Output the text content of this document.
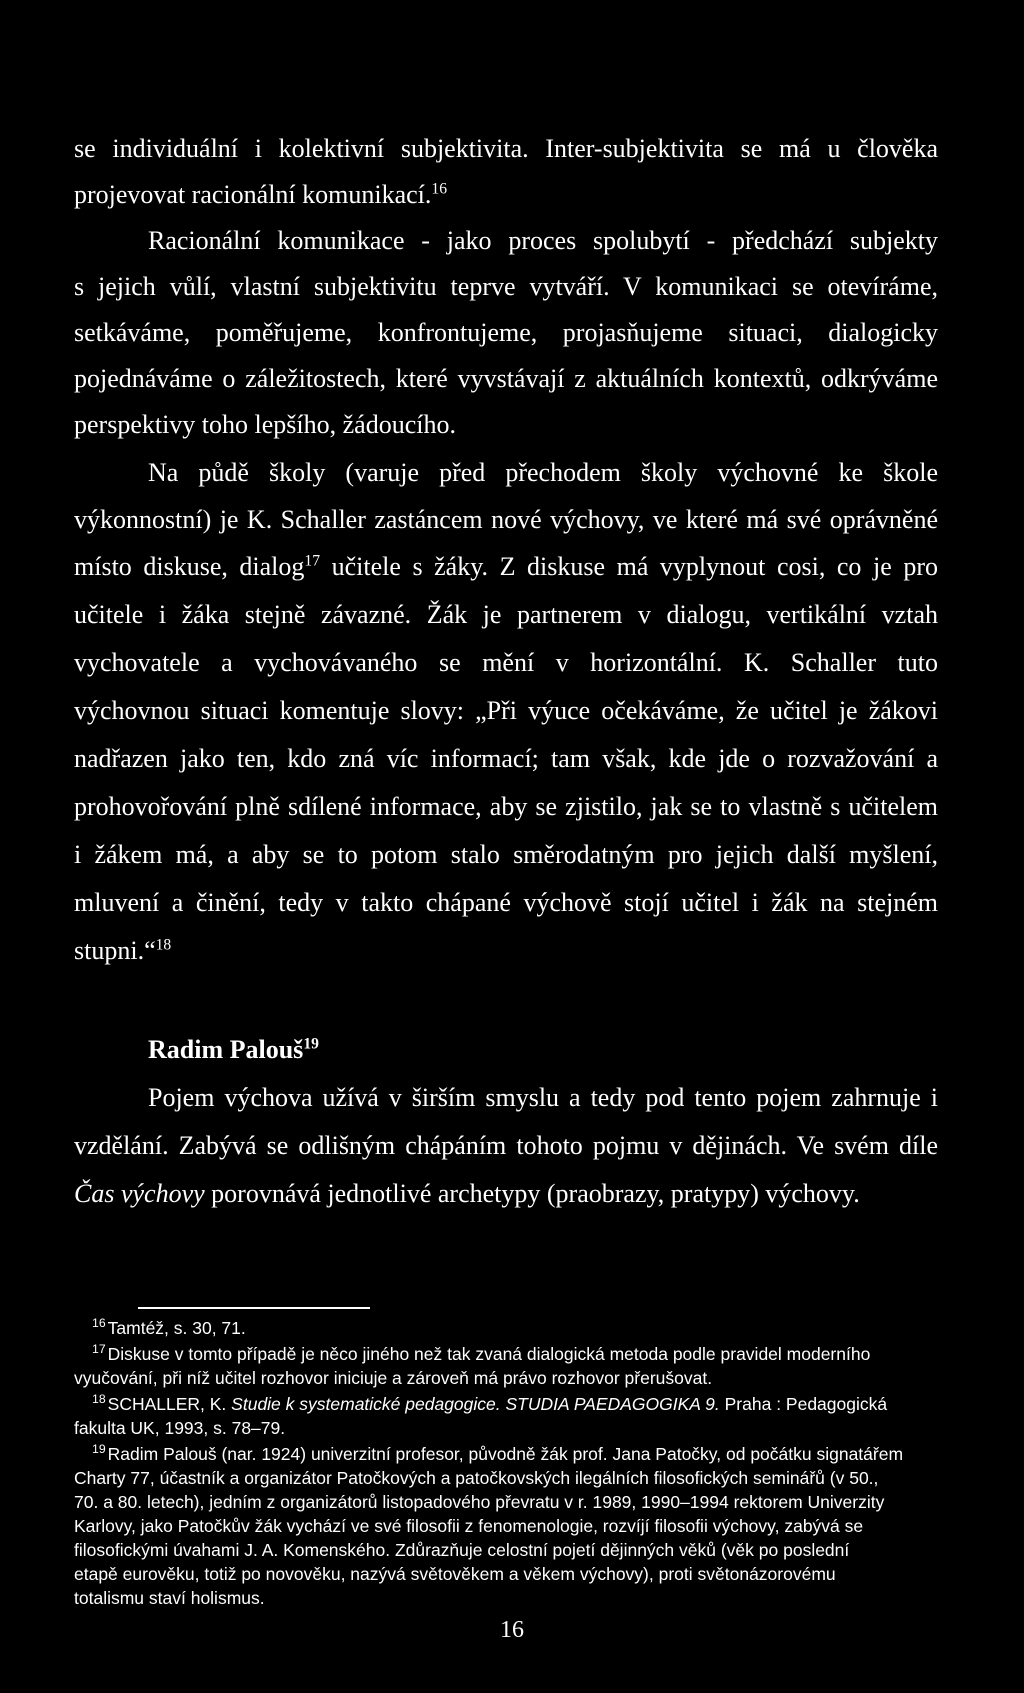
se individuální i kolektivní subjektivita. Inter-subjektivita se má u člověka
projevovat racionální komunikací.$^{16}$
Racionální komunikace - jako proces spolubytí - předchází subjekty
s jejich vůlí, vlastní subjektivitu teprve vytváří. V komunikaci se otevíráme,
setkáváme, poměřujeme, konfrontujeme, projasňujeme situaci, dialogicky
pojednáváme o záležitostech, které vyvstávají z aktuálních kontextů, odkrýváme
perspektivy toho lepšího, žádoucího.
Na půdě školy (varuje před přechodem školy výchovné ke škole
výkonnostní) je K. Schaller zastáncem nové výchovy, ve které má své oprávněné
místo diskuse, dialog$^{17}$ učitele s žáky. Z diskuse má vyplynout cosi, co je pro
učitele i žáka stejně závazné. Žák je partnerem v dialogu, vertikální vztah
vychovatele a vychovávaného se mění v horizontální. K. Schaller tuto
výchovnou situaci komentuje slovy: „Při výuce očekáváme, že učitel je žákovi
nadřazen jako ten, kdo zná víc informací; tam však, kde jde o rozvažování a
prohovořování plně sdílené informace, aby se zjistilo, jak se to vlastně s učitelem
i žákem má, a aby se to potom stalo směrodatným pro jejich další myšlení,
mluvení a činění, tedy v takto chápané výchově stojí učitel i žák na stejném
stupni.“$^{18}$
Radim Palouš$^{19}$
Pojem výchova užívá v širším smyslu a tedy pod tento pojem zahrnuje i
vzdělání. Zabývá se odlišným chápáním tohoto pojmu v dějinách. Ve svém díle
Čas výchovy porovnává jednotlivé archetypy (praobrazy, pratypy) výchovy.
$^{16}$ Tamtéž, s. 30, 71.
$^{17}$ Diskuse v tomto případě je něco jiného než tak zvaná dialogická metoda podle pravidel moderního
vyučování, při níž učitel rozhovor iniciuje a zároveň má právo rozhovor přerušovat.
$^{18}$ SCHALLER, K. Studie k systematické pedagogice. STUDIA PAEDAGOGIKA 9. Praha : Pedagogická
fakulta UK, 1993, s. 78–79.
$^{19}$ Radim Palouš (nar. 1924) univerzitní profesor, původně žák prof. Jana Patočky, od počátku signatářem
Charty 77, účastník a organizátor Patočkových a patočkovských ilegálních filosofických seminářů (v 50.,
70. a 80. letech), jedním z organizátorů listopadového převratu v r. 1989, 1990–1994 rektorem Univerzity
Karlovy, jako Patočkův žák vychází ve své filosofii z fenomenologie, rozvíjí filosofii výchovy, zabývá se
filosofickými úvahami J. A. Komenského. Zdůrazňuje celostní pojetí dějinných věků (věk po poslední
etapě eurověku, totiž po novověku, nazývá světověkem a věkem výchovy), proti světonázorovému
totalismu staví holismus.
16
